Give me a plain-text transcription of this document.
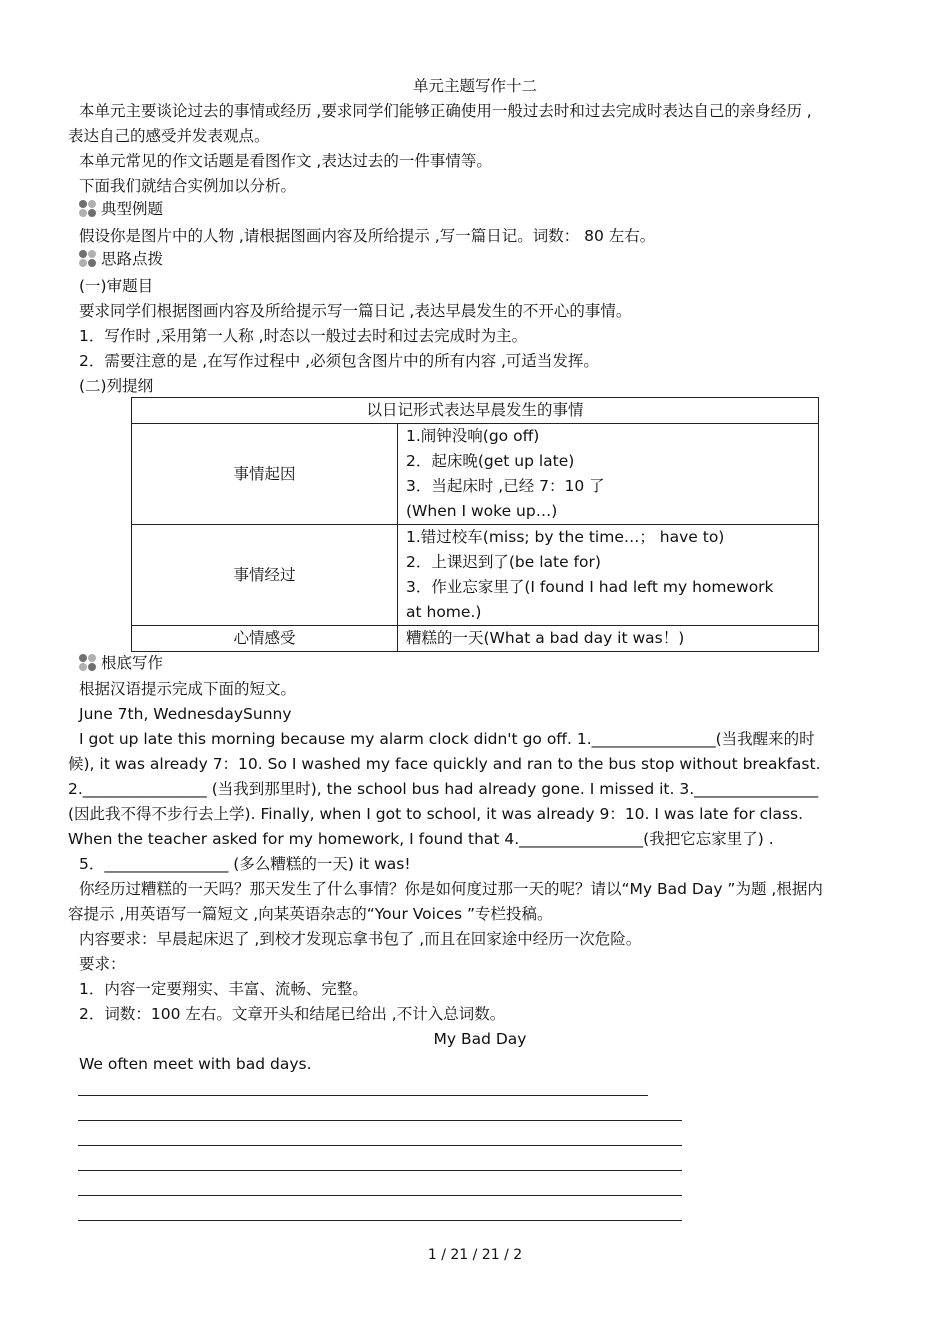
单元主题写作十二
本单元主要谈论过去的事情或经历 ,要求同学们能够正确使用一般过去时和过去完成时表达自己的亲身经历 ,
表达自己的感受并发表观点。
本单元常见的作文话题是看图作文 ,表达过去的一件事情等。
下面我们就结合实例加以分析。
典型例题
假设你是图片中的人物 ,请根据图画内容及所给提示 ,写一篇日记。词数： 80 左右。
思路点拨
(一)审题目
要求同学们根据图画内容及所给提示写一篇日记 ,表达早晨发生的不开心的事情。
1．写作时 ,采用第一人称 ,时态以一般过去时和过去完成时为主。
2．需要注意的是 ,在写作过程中 ,必须包含图片中的所有内容 ,可适当发挥。
(二)列提纲
以日记形式表达早晨发生的事情	
事情起因	1.闹钟没响(go off)
2．起床晚(get up late)
3．当起床时 ,已经 7：10 了
(When I woke up…)

事情经过	1.错过校车(miss; by the time…； have to)
2．上课迟到了(be late for)
3．作业忘家里了(I found I had left my homework
at home.)

心情感受	糟糕的一天(What a bad day it was！)
根底写作
根据汉语提示完成下面的短文。
June 7th, WednesdaySunny
I got up late this morning because my alarm clock didn't go off. 1.________________(当我醒来的时
候), it was already 7：10. So I washed my face quickly and ran to the bus stop without breakfast.
2.________________ (当我到那里时), the school bus had already gone. I missed it. 3.________________
(因此我不得不步行去上学). Finally, when I got to school, it was already 9：10. I was late for class.
When the teacher asked for my homework, I found that 4.________________(我把它忘家里了) .
5．________________ (多么糟糕的一天) it was!
你经历过糟糕的一天吗？那天发生了什么事情？你是如何度过那一天的呢？请以“My Bad Day ”为题 ,根据内
容提示 ,用英语写一篇短文 ,向某英语杂志的“Your Voices ”专栏投稿。
内容要求：早晨起床迟了 ,到校才发现忘拿书包了 ,而且在回家途中经历一次危险。
要求：
1．内容一定要翔实、丰富、流畅、完整。
2．词数：100 左右。文章开头和结尾已给出 ,不计入总词数。
My Bad Day
We often meet with bad days.
1 / 21 / 21 / 2
